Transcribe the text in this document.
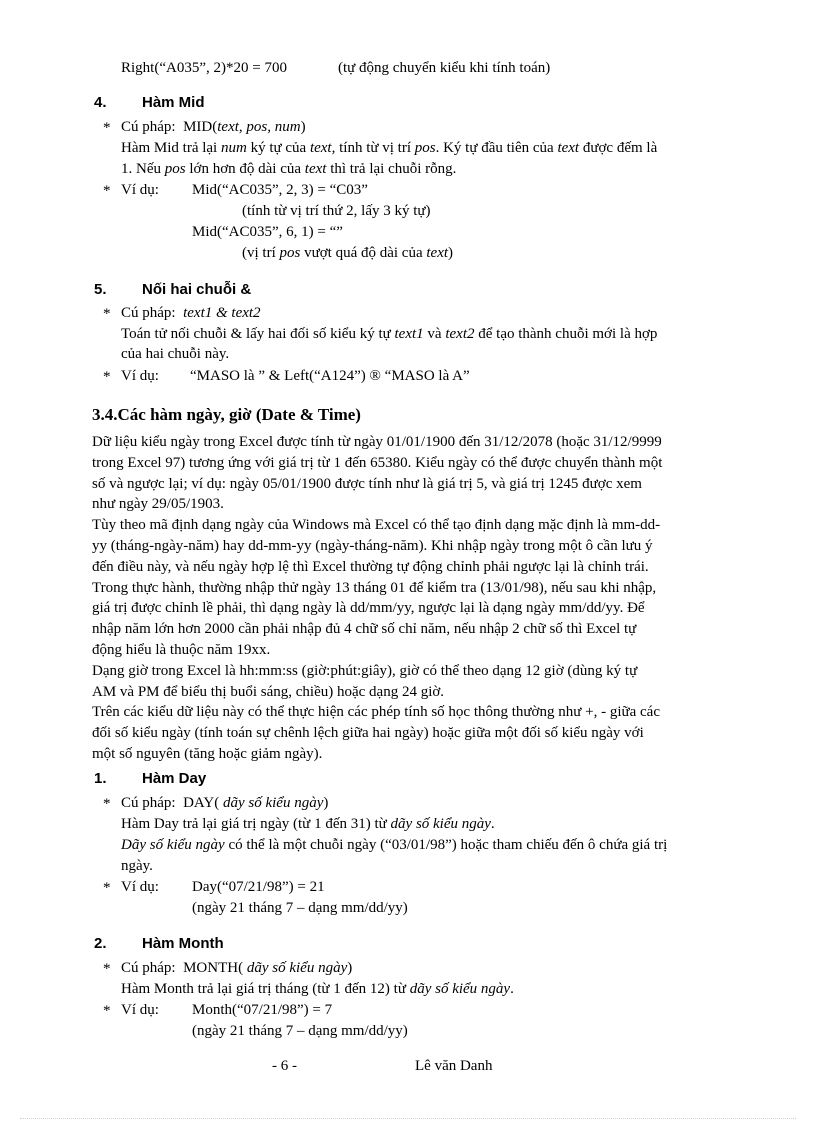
Right(“A035”, 2)*20 = 700	(tự động chuyển kiểu khi tính toán)
4. Hàm Mid
* Cú pháp: MID(text, pos, num)
Hàm Mid trả lại num ký tự của text, tính từ vị trí pos. Ký tự đầu tiên của text được đếm là
1. Nếu pos lớn hơn độ dài của text thì trả lại chuỗi rỗng.
* Ví dụ: Mid(“AC035”, 2, 3) = “C03”
(tính từ vị trí thứ 2, lấy 3 ký tự)
Mid(“AC035”, 6, 1) = “”
(vị trí pos vượt quá độ dài của text)
5. Nối hai chuỗi &
* Cú pháp: text1 & text2
Toán tử nối chuỗi & lấy hai đối số kiểu ký tự text1 và text2 để tạo thành chuỗi mới là hợp
của hai chuỗi này.
* Ví dụ: “MASO là ” & Left(“A124”) ® “MASO là A”
3.4.Các hàm ngày, giờ (Date & Time)
Dữ liệu kiểu ngày trong Excel được tính từ ngày 01/01/1900 đến 31/12/2078 (hoặc 31/12/9999
trong Excel 97) tương ứng với giá trị từ 1 đến 65380. Kiểu ngày có thể được chuyển thành một
số và ngược lại; ví dụ: ngày 05/01/1900 được tính như là giá trị 5, và giá trị 1245 được xem
như ngày 29/05/1903.
Tùy theo mã định dạng ngày của Windows mà Excel có thể tạo định dạng mặc định là mm-dd-
yy (tháng-ngày-năm) hay dd-mm-yy (ngày-tháng-năm). Khi nhập ngày trong một ô cần lưu ý
đến điều này, và nếu ngày hợp lệ thì Excel thường tự động chỉnh phải ngược lại là chỉnh trái.
Trong thực hành, thường nhập thử ngày 13 tháng 01 để kiểm tra (13/01/98), nếu sau khi nhập,
giá trị được chỉnh lề phải, thì dạng ngày là dd/mm/yy, ngược lại là dạng ngày mm/dd/yy. Để
nhập năm lớn hơn 2000 cần phải nhập đủ 4 chữ số chỉ năm, nếu nhập 2 chữ số thì Excel tự
động hiểu là thuộc năm 19xx.
Dạng giờ trong Excel là hh:mm:ss (giờ:phút:giây), giờ có thể theo dạng 12 giờ (dùng ký tự
AM và PM để biểu thị buổi sáng, chiều) hoặc dạng 24 giờ.
Trên các kiểu dữ liệu này có thể thực hiện các phép tính số học thông thường như +, - giữa các
đối số kiểu ngày (tính toán sự chênh lệch giữa hai ngày) hoặc giữa một đối số kiểu ngày với
một số nguyên (tăng hoặc giảm ngày).
1. Hàm Day
* Cú pháp: DAY( dãy số kiểu ngày)
Hàm Day trả lại giá trị ngày (từ 1 đến 31) từ dãy số kiểu ngày.
Dãy số kiểu ngày có thể là một chuỗi ngày (“03/01/98”) hoặc tham chiếu đến ô chứa giá trị
ngày.
* Ví dụ: Day(“07/21/98”) = 21
(ngày 21 tháng 7 – dạng mm/dd/yy)
2. Hàm Month
* Cú pháp: MONTH( dãy số kiểu ngày)
Hàm Month trả lại giá trị tháng (từ 1 đến 12) từ dãy số kiểu ngày.
* Ví dụ: Month(“07/21/98”) = 7
(ngày 21 tháng 7 – dạng mm/dd/yy)
- 6 -	Lê văn Danh
